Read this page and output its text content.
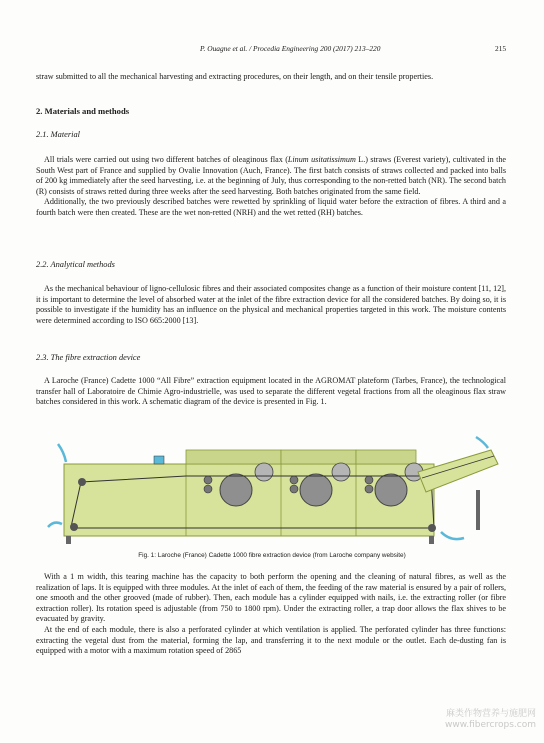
P. Ouagne et al. / Procedia Engineering 200 (2017) 213–220	215

straw submitted to all the mechanical harvesting and extracting procedures, on their length, and on their tensile properties.

2. Materials and methods
2.1. Material

All trials were carried out using two different batches of oleaginous flax (Linum usitatissimum L.) straws (Everest variety), cultivated in the South West part of France and supplied by Ovalie Innovation (Auch, France). The first batch consists of straws collected and packed into balls of 200 kg immediately after the seed harvesting, i.e. at the beginning of July, thus corresponding to the non-retted batch (NR). The second batch (R) consists of straws retted during three weeks after the seed harvesting. Both batches originated from the same field.

Additionally, the two previously described batches were rewetted by sprinkling of liquid water before the extraction of fibres. A third and a fourth batch were then created. These are the wet non-retted (NRH) and the wet retted (RH) batches.

2.2. Analytical methods

As the mechanical behaviour of ligno-cellulosic fibres and their associated composites change as a function of their moisture content [11, 12], it is important to determine the level of absorbed water at the inlet of the fibre extraction device for all the considered batches. By doing so, it is possible to investigate if the humidity has an influence on the physical and mechanical properties targeted in this work. The moisture contents were determined according to ISO 665:2000 [13].

2.3. The fibre extraction device

A Laroche (France) Cadette 1000 “All Fibre” extraction equipment located in the AGROMAT plateform (Tarbes, France), the technological transfer hall of Laboratoire de Chimie Agro-industrielle, was used to separate the different vegetal fractions from all the oleaginous flax straw batches considered in this work. A schematic diagram of the device is presented in Fig. 1.

Fig. 1: Laroche (France) Cadette 1000 fibre extraction device (from Laroche company website)

With a 1 m width, this tearing machine has the capacity to both perform the opening and the cleaning of natural fibres, as well as the realization of laps. It is equipped with three modules. At the inlet of each of them, the feeding of the raw material is ensured by a pair of rollers, one smooth and the other grooved (made of rubber). Then, each module has a cylinder equipped with nails, i.e. the extracting roller (or fibre extraction roller). Its rotation speed is adjustable (from 750 to 1800 rpm). Under the extracting roller, a trap door allows the flax shives to be evacuated by gravity.

At the end of each module, there is also a perforated cylinder at which ventilation is applied. The perforated cylinder has three functions: extracting the vegetal dust from the material, forming the lap, and transferring it to the next module or the outlet. Each de-dusting fan is equipped with a motor with a maximum rotation speed of 2865

麻类作物营养与施肥网
www.fibercrops.com
